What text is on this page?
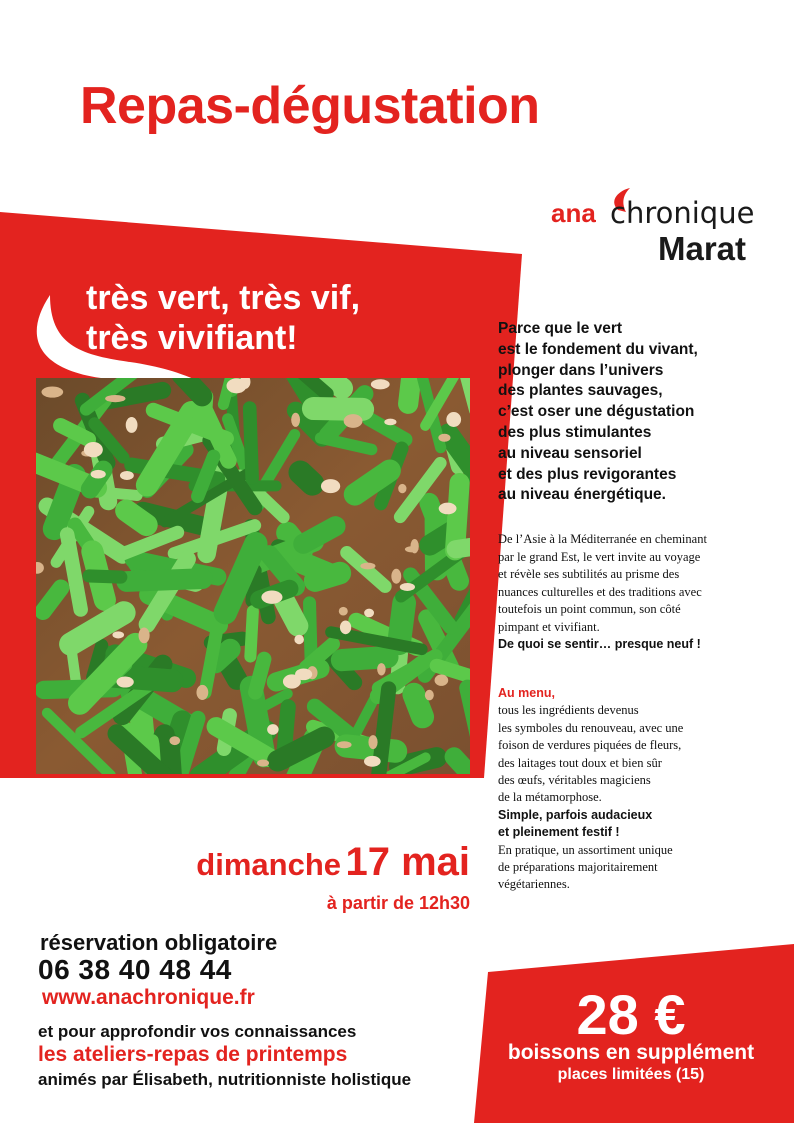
Repas-dégustation
ana chronique
Marat
très vert, très vif,
très vivifiant!	Parce que le vert
est le fondement du vivant,
plonger dans l’univers
des plantes sauvages,
c’est oser une dégustation
des plus stimulantes
au niveau sensoriel
et des plus revigorantes
au niveau énergétique.
De l’Asie à la Méditerranée en cheminant
par le grand Est, le vert invite au voyage
et révèle ses subtilités au prisme des
nuances culturelles et des traditions avec
toutefois un point commun, son côté
pimpant et vivifiant.
De quoi se sentir… presque neuf !
Au menu,
tous les ingrédients devenus
les symboles du renouveau, avec une
foison de verdures piquées de fleurs,
des laitages tout doux et bien sûr
des œufs, véritables magiciens
de la métamorphose.
Simple, parfois audacieux
et pleinement festif !
En pratique, un assortiment unique
de préparations majoritairement
végétariennes.
dimanche 17 mai
à partir de 12h30
réservation obligatoire
06 38 40 48 44
www.anachronique.fr
et pour approfondir vos connaissances
les ateliers-repas de printemps
animés par Élisabeth, nutritionniste holistique
28 €
boissons en supplément
places limitées (15)
